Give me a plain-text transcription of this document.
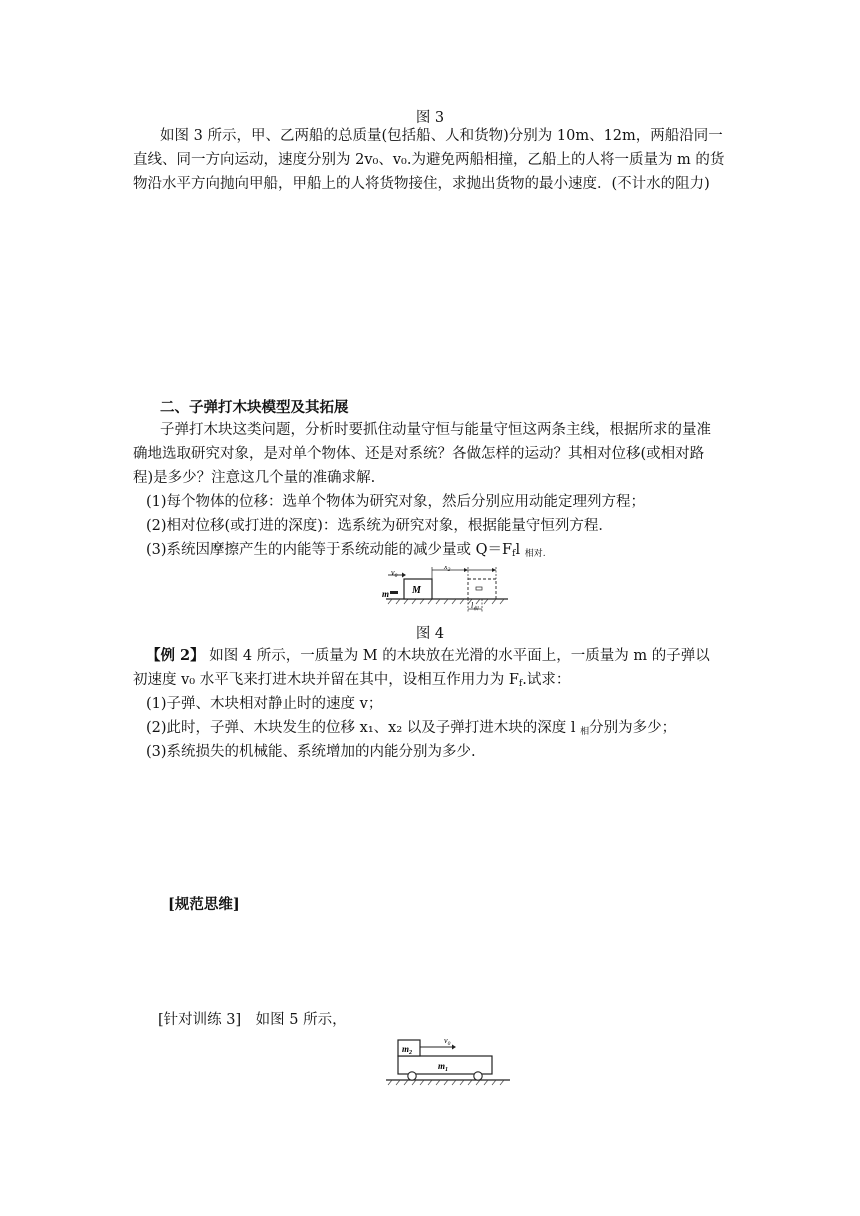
图 3
如图 3 所示，甲、乙两船的总质量(包括船、人和货物)分别为 10m、12m，两船沿同一
直线、同一方向运动，速度分别为 2v₀、v₀.为避免两船相撞，乙船上的人将一质量为 m 的货
物沿水平方向抛向甲船，甲船上的人将货物接住，求抛出货物的最小速度．(不计水的阻力)
二、子弹打木块模型及其拓展
子弹打木块这类问题，分析时要抓住动量守恒与能量守恒这两条主线，根据所求的量准
确地选取研究对象，是对单个物体、还是对系统？各做怎样的运动？其相对位移(或相对路
程)是多少？注意这几个量的准确求解.
(1)每个物体的位移：选单个物体为研究对象，然后分别应用动能定理列方程；
(2)相对位移(或打进的深度)：选系统为研究对象，根据能量守恒列方程．
(3)系统因摩擦产生的内能等于系统动能的减少量或 $Q=F_fl$ $_{相对.}$
$v_0$
M
m
$x_2$
$l_相$
图 4
【例 2】 如图 4 所示，一质量为 M 的木块放在光滑的水平面上，一质量为 m 的子弹以
初速度 v₀ 水平飞来打进木块并留在其中，设相互作用力为 $F_f$.试求：
(1)子弹、木块相对静止时的速度 v；
(2)此时，子弹、木块发生的位移 x₁、x₂ 以及子弹打进木块的深度 l $_相$分别为多少；
(3)系统损失的机械能、系统增加的内能分别为多少.
[规范思维]
[针对训练 3]　如图 5 所示，
$m_2$
$m_1$
$v_0$
